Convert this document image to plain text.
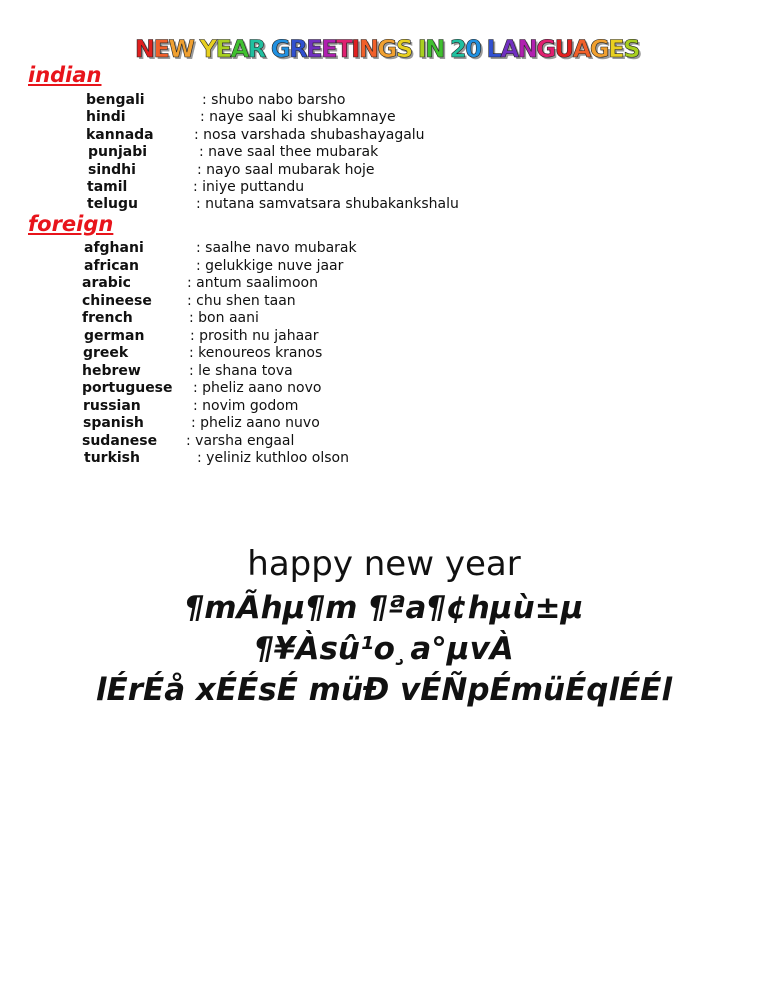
N E W Y E A R G R E E T I N G S I N 2 0 L A N G U A G E S
indian
bengali	: shubo nabo barsho
hindi	: naye saal ki shubkamnaye
kannada	: nosa varshada shubashayagalu
punjabi	: nave saal thee mubarak
sindhi	: nayo saal mubarak hoje
tamil	: iniye puttandu
telugu	: nutana samvatsara shubakankshalu
foreign
afghani	: saalhe navo mubarak
african	: gelukkige nuve jaar
arabic	: antum saalimoon
chineese	: chu shen taan
french	: bon aani
german	: prosith nu jahaar
greek	: kenoureos kranos
hebrew	: le shana tova
portuguese : pheliz aano novo
russian	: novim godom
spanish	: pheliz aano nuvo
sudanese : varsha engaal
turkish	: yeliniz kuthloo olson

happy new year

¶mÃhµ¶m ¶ªa¶¢hµù±µ

¶¥Àsû¹o¸a°µvÀ

lÉrÉå xÉÉsÉ müÐ vÉÑpÉmüÉqlÉÉl
